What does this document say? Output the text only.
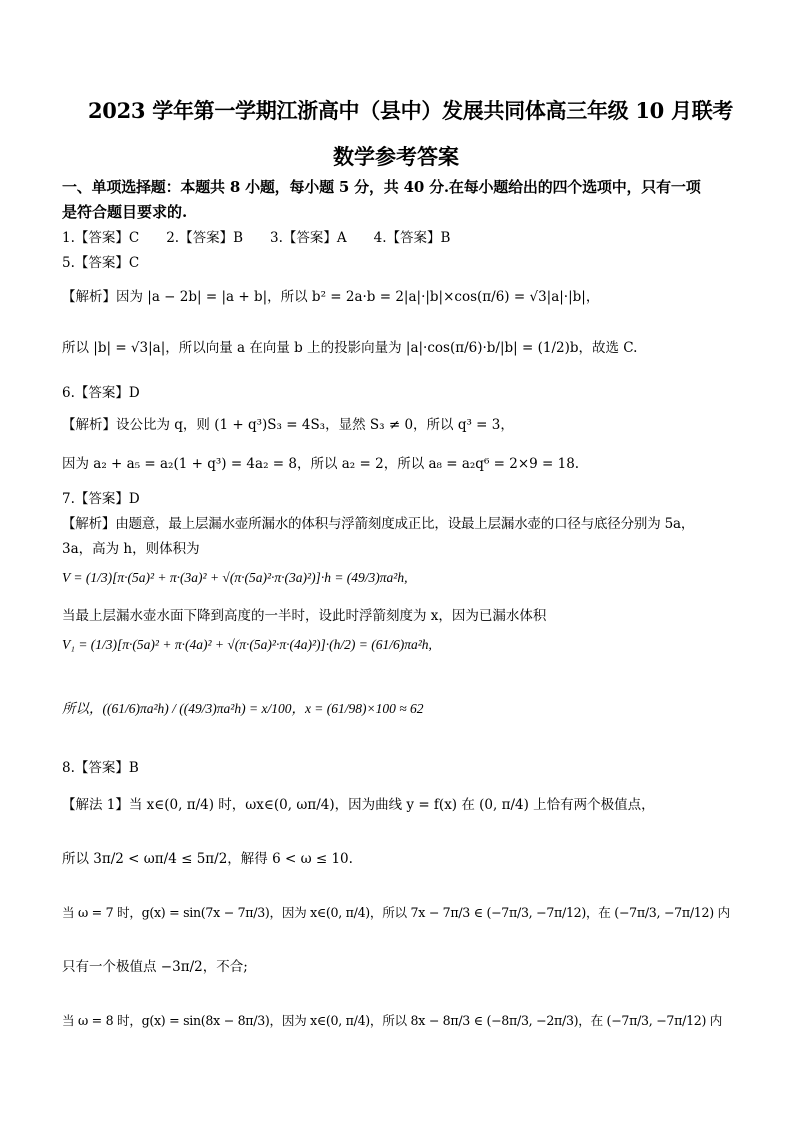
2023 学年第一学期江浙高中（县中）发展共同体高三年级 10 月联考
数学参考答案
一、单项选择题：本题共 8 小题，每小题 5 分，共 40 分.在每小题给出的四个选项中，只有一项
是符合题目要求的.
1.【答案】C　　2.【答案】B　　3.【答案】A　　4.【答案】B
5.【答案】C
【解析】因为 |a − 2b| = |a + b|，所以 b² = 2a·b = 2|a|·|b|×cos(π/6) = √3|a|·|b|，
所以 |b| = √3|a|，所以向量 a 在向量 b 上的投影向量为 |a|·cos(π/6)·b/|b| = (1/2)b，故选 C.
6.【答案】D
【解析】设公比为 q，则 (1 + q³)S₃ = 4S₃，显然 S₃ ≠ 0，所以 q³ = 3，
因为 a₂ + a₅ = a₂(1 + q³) = 4a₂ = 8，所以 a₂ = 2，所以 a₈ = a₂q⁶ = 2×9 = 18.
7.【答案】D
【解析】由题意，最上层漏水壶所漏水的体积与浮箭刻度成正比，设最上层漏水壶的口径与底径分别为 5a，
3a，高为 h，则体积为
V = (1/3)[π·(5a)² + π·(3a)² + √(π·(5a)²·π·(3a)²)]·h = (49/3)πa²h,
当最上层漏水壶水面下降到高度的一半时，设此时浮箭刻度为 x，因为已漏水体积
V₁ = (1/3)[π·(5a)² + π·(4a)² + √(π·(5a)²·π·(4a)²)]·(h/2) = (61/6)πa²h,
所以，((61/6)πa²h) / ((49/3)πa²h) = x/100，x = (61/98)×100 ≈ 62
8.【答案】B
【解法 1】当 x∈(0, π/4) 时，ωx∈(0, ωπ/4)，因为曲线 y = f(x) 在 (0, π/4) 上恰有两个极值点，
所以 3π/2 < ωπ/4 ≤ 5π/2，解得 6 < ω ≤ 10.
当 ω = 7 时，g(x) = sin(7x − 7π/3)，因为 x∈(0, π/4)，所以 7x − 7π/3 ∈ (−7π/3, −7π/12)，在 (−7π/3, −7π/12) 内
只有一个极值点 −3π/2，不合;
当 ω = 8 时，g(x) = sin(8x − 8π/3)，因为 x∈(0, π/4)，所以 8x − 8π/3 ∈ (−8π/3, −2π/3)，在 (−7π/3, −7π/12) 内
